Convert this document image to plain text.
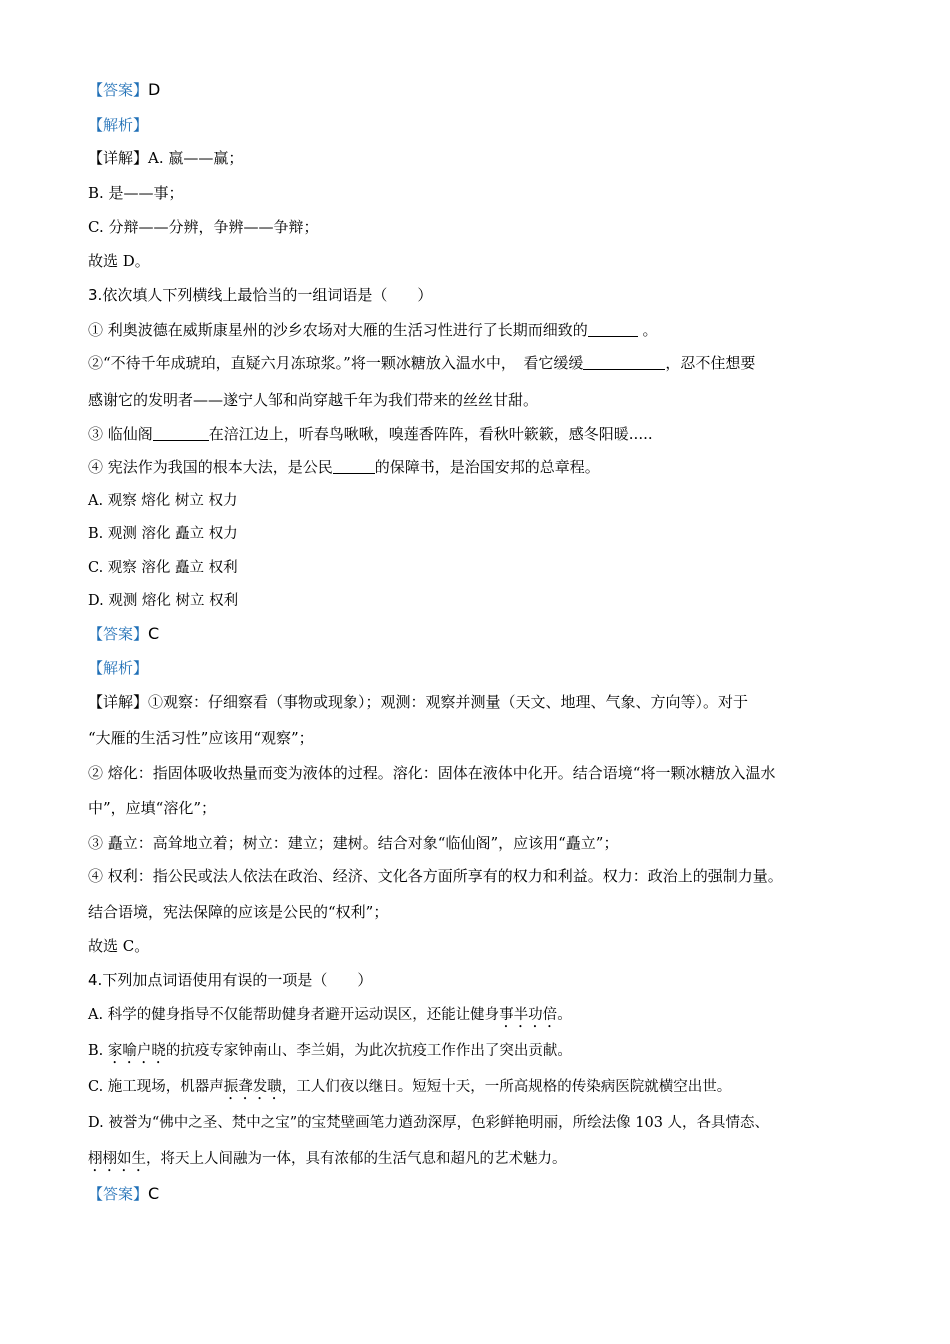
【答案】D
【解析】
【详解】A. 嬴——赢；
B. 是——事；
C. 分辩——分辨，争辨——争辩；
故选 D。
3.依次填人下列横线上最恰当的一组词语是（　　）
① 利奥波德在威斯康星州的沙乡农场对大雁的生活习性进行了长期而细致的	。
②“不待千年成琥珀，直疑六月冻琼浆。”将一颗冰糖放入温水中，　看它缓缓	，忍不住想要
感谢它的发明者——遂宁人邹和尚穿越千年为我们带来的丝丝甘甜。
③ 临仙阁	在涪江边上，听春鸟啾啾，嗅莲香阵阵，看秋叶簌簌，感冬阳暖.....
④ 宪法作为我国的根本大法，是公民	的保障书，是治国安邦的总章程。
A. 观察 熔化 树立 权力
B. 观测 溶化 矗立 权力
C. 观察 溶化 矗立 权利
D. 观测 熔化 树立 权利
【答案】C
【解析】
【详解】①观察：仔细察看（事物或现象）；观测：观察并测量（天文、地理、气象、方向等）。对于
“大雁的生活习性”应该用“观察”；
② 熔化：指固体吸收热量而变为液体的过程。溶化：固体在液体中化开。结合语境“将一颗冰糖放入温水
中”，应填“溶化”；
③ 矗立：高耸地立着；树立：建立；建树。结合对象“临仙阁”，应该用“矗立”；
④ 权利：指公民或法人依法在政治、经济、文化各方面所享有的权力和利益。权力：政治上的强制力量。
结合语境，宪法保障的应该是公民的“权利”；
故选 C。
4.下列加点词语使用有误的一项是（　　）
A. 科学的健身指导不仅能帮助健身者避开运动误区，还能让健身事半功倍。
B. 家喻户晓的抗疫专家钟南山、李兰娟，为此次抗疫工作作出了突出贡献。
C. 施工现场，机器声振聋发聩，工人们夜以继日。短短十天，一所高规格的传染病医院就横空出世。
D. 被誉为“佛中之圣、梵中之宝”的宝梵壁画笔力遒劲深厚，色彩鲜艳明丽，所绘法像 103 人，各具情态、
栩栩如生，将天上人间融为一体，具有浓郁的生活气息和超凡的艺术魅力。
【答案】C
